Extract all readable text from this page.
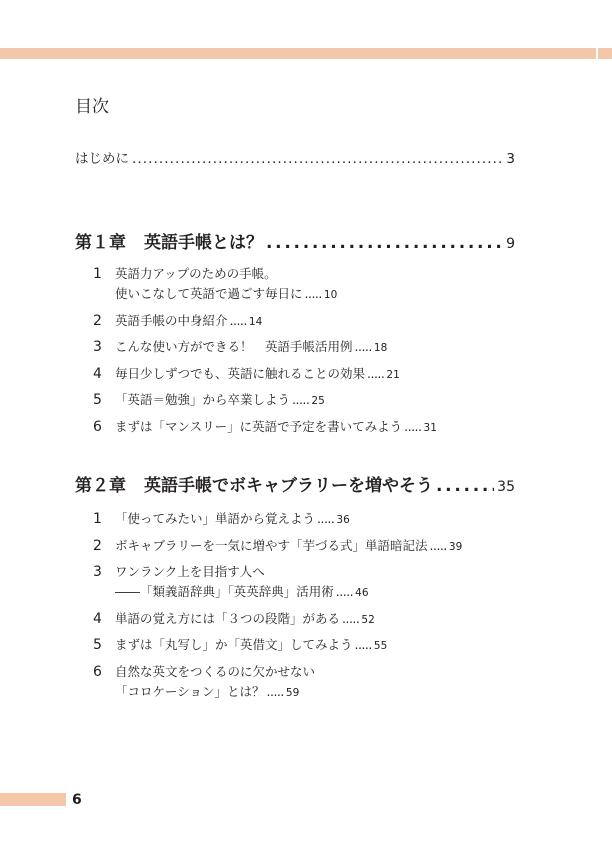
目次
はじめに . . .	3
第１章 英語手帳とは？ . . .	9
1	英語力アップのための手帳。
使いこなして英語で過ごす毎日に ..... 10
2	英語手帳の中身紹介 ..... 14
3	こんな使い方ができる！　英語手帳活用例 ..... 18
4	毎日少しずつでも、英語に触れることの効果 ..... 21
5	「英語＝勉強」から卒業しよう ..... 25
6	まずは「マンスリー」に英語で予定を書いてみよう ..... 31
第２章 英語手帳でボキャブラリーを増やそう . . .	35
1	「使ってみたい」単語から覚えよう ..... 36
2	ボキャブラリーを一気に増やす「芋づる式」単語暗記法 ..... 39
3	ワンランク上を目指す人へ
――「類義語辞典」「英英辞典」活用術 ..... 46
4	単語の覚え方には「３つの段階」がある ..... 52
5	まずは「丸写し」か「英借文」してみよう ..... 55
6	自然な英文をつくるのに欠かせない
「コロケーション」とは？ ..... 59
6
